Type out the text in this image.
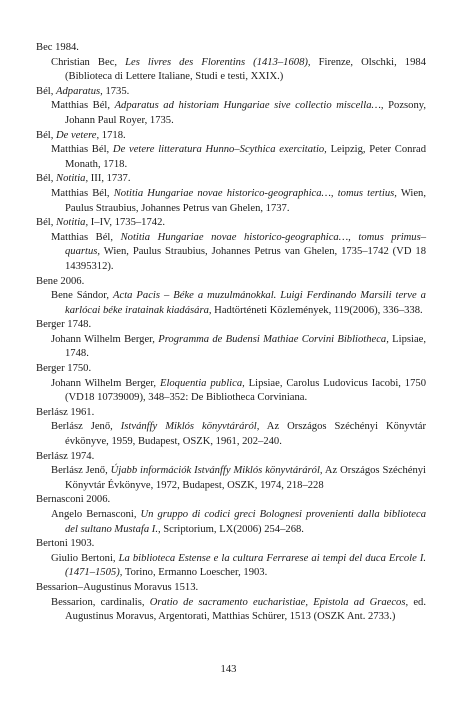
Bec 1984.

Christian Bec, Les livres des Florentins (1413–1608), Firenze, Olschki, 1984 (Biblioteca di Lettere Italiane, Studi e testi, XXIX.)

Bél, Adparatus, 1735.

Matthias Bél, Adparatus ad historiam Hungariae sive collectio miscella…, Pozsony, Johann Paul Royer, 1735.

Bél, De vetere, 1718.

Matthias Bél, De vetere litteratura Hunno–Scythica exercitatio, Leipzig, Peter Conrad Monath, 1718.

Bél, Notitia, III, 1737.

Matthias Bél, Notitia Hungariae novae historico-geographica…, tomus tertius, Wien, Paulus Straubius, Johannes Petrus van Ghelen, 1737.

Bél, Notitia, I–IV, 1735–1742.

Matthias Bél, Notitia Hungariae novae historico-geographica…, tomus primus–quartus, Wien, Paulus Straubius, Johannes Petrus van Ghelen, 1735–1742 (VD 18 14395312).

Bene 2006.

Bene Sándor, Acta Pacis – Béke a muzulmánokkal. Luigi Ferdinando Marsili terve a karlócai béke iratainak kiadására, Hadtörténeti Közlemények, 119(2006), 336–338.

Berger 1748.

Johann Wilhelm Berger, Programma de Budensi Mathiae Corvini Bibliotheca, Lipsiae, 1748.

Berger 1750.

Johann Wilhelm Berger, Eloquentia publica, Lipsiae, Carolus Ludovicus Iacobi, 1750 (VD18 10739009), 348–352: De Bibliotheca Corviniana.

Berlász 1961.

Berlász Jenő, Istvánffy Miklós könyvtáráról, Az Országos Széchényi Könyvtár évkönyve, 1959, Budapest, OSZK, 1961, 202–240.

Berlász 1974.

Berlász Jenő, Újabb információk Istvánffy Miklós könyvtáráról, Az Országos Széchényi Könyvtár Évkönyve, 1972, Budapest, OSZK, 1974, 218–228

Bernasconi 2006.

Angelo Bernasconi, Un gruppo di codici greci Bolognesi provenienti dalla biblioteca del sultano Mustafa I., Scriptorium, LX(2006) 254–268.

Bertoni 1903.

Giulio Bertoni, La biblioteca Estense e la cultura Ferrarese ai tempi del duca Ercole I. (1471–1505), Torino, Ermanno Loescher, 1903.

Bessarion–Augustinus Moravus 1513.

Bessarion, cardinalis, Oratio de sacramento eucharistiae, Epistola ad Graecos, ed. Augustinus Moravus, Argentorati, Matthias Schürer, 1513 (OSZK Ant. 2733.)

143
